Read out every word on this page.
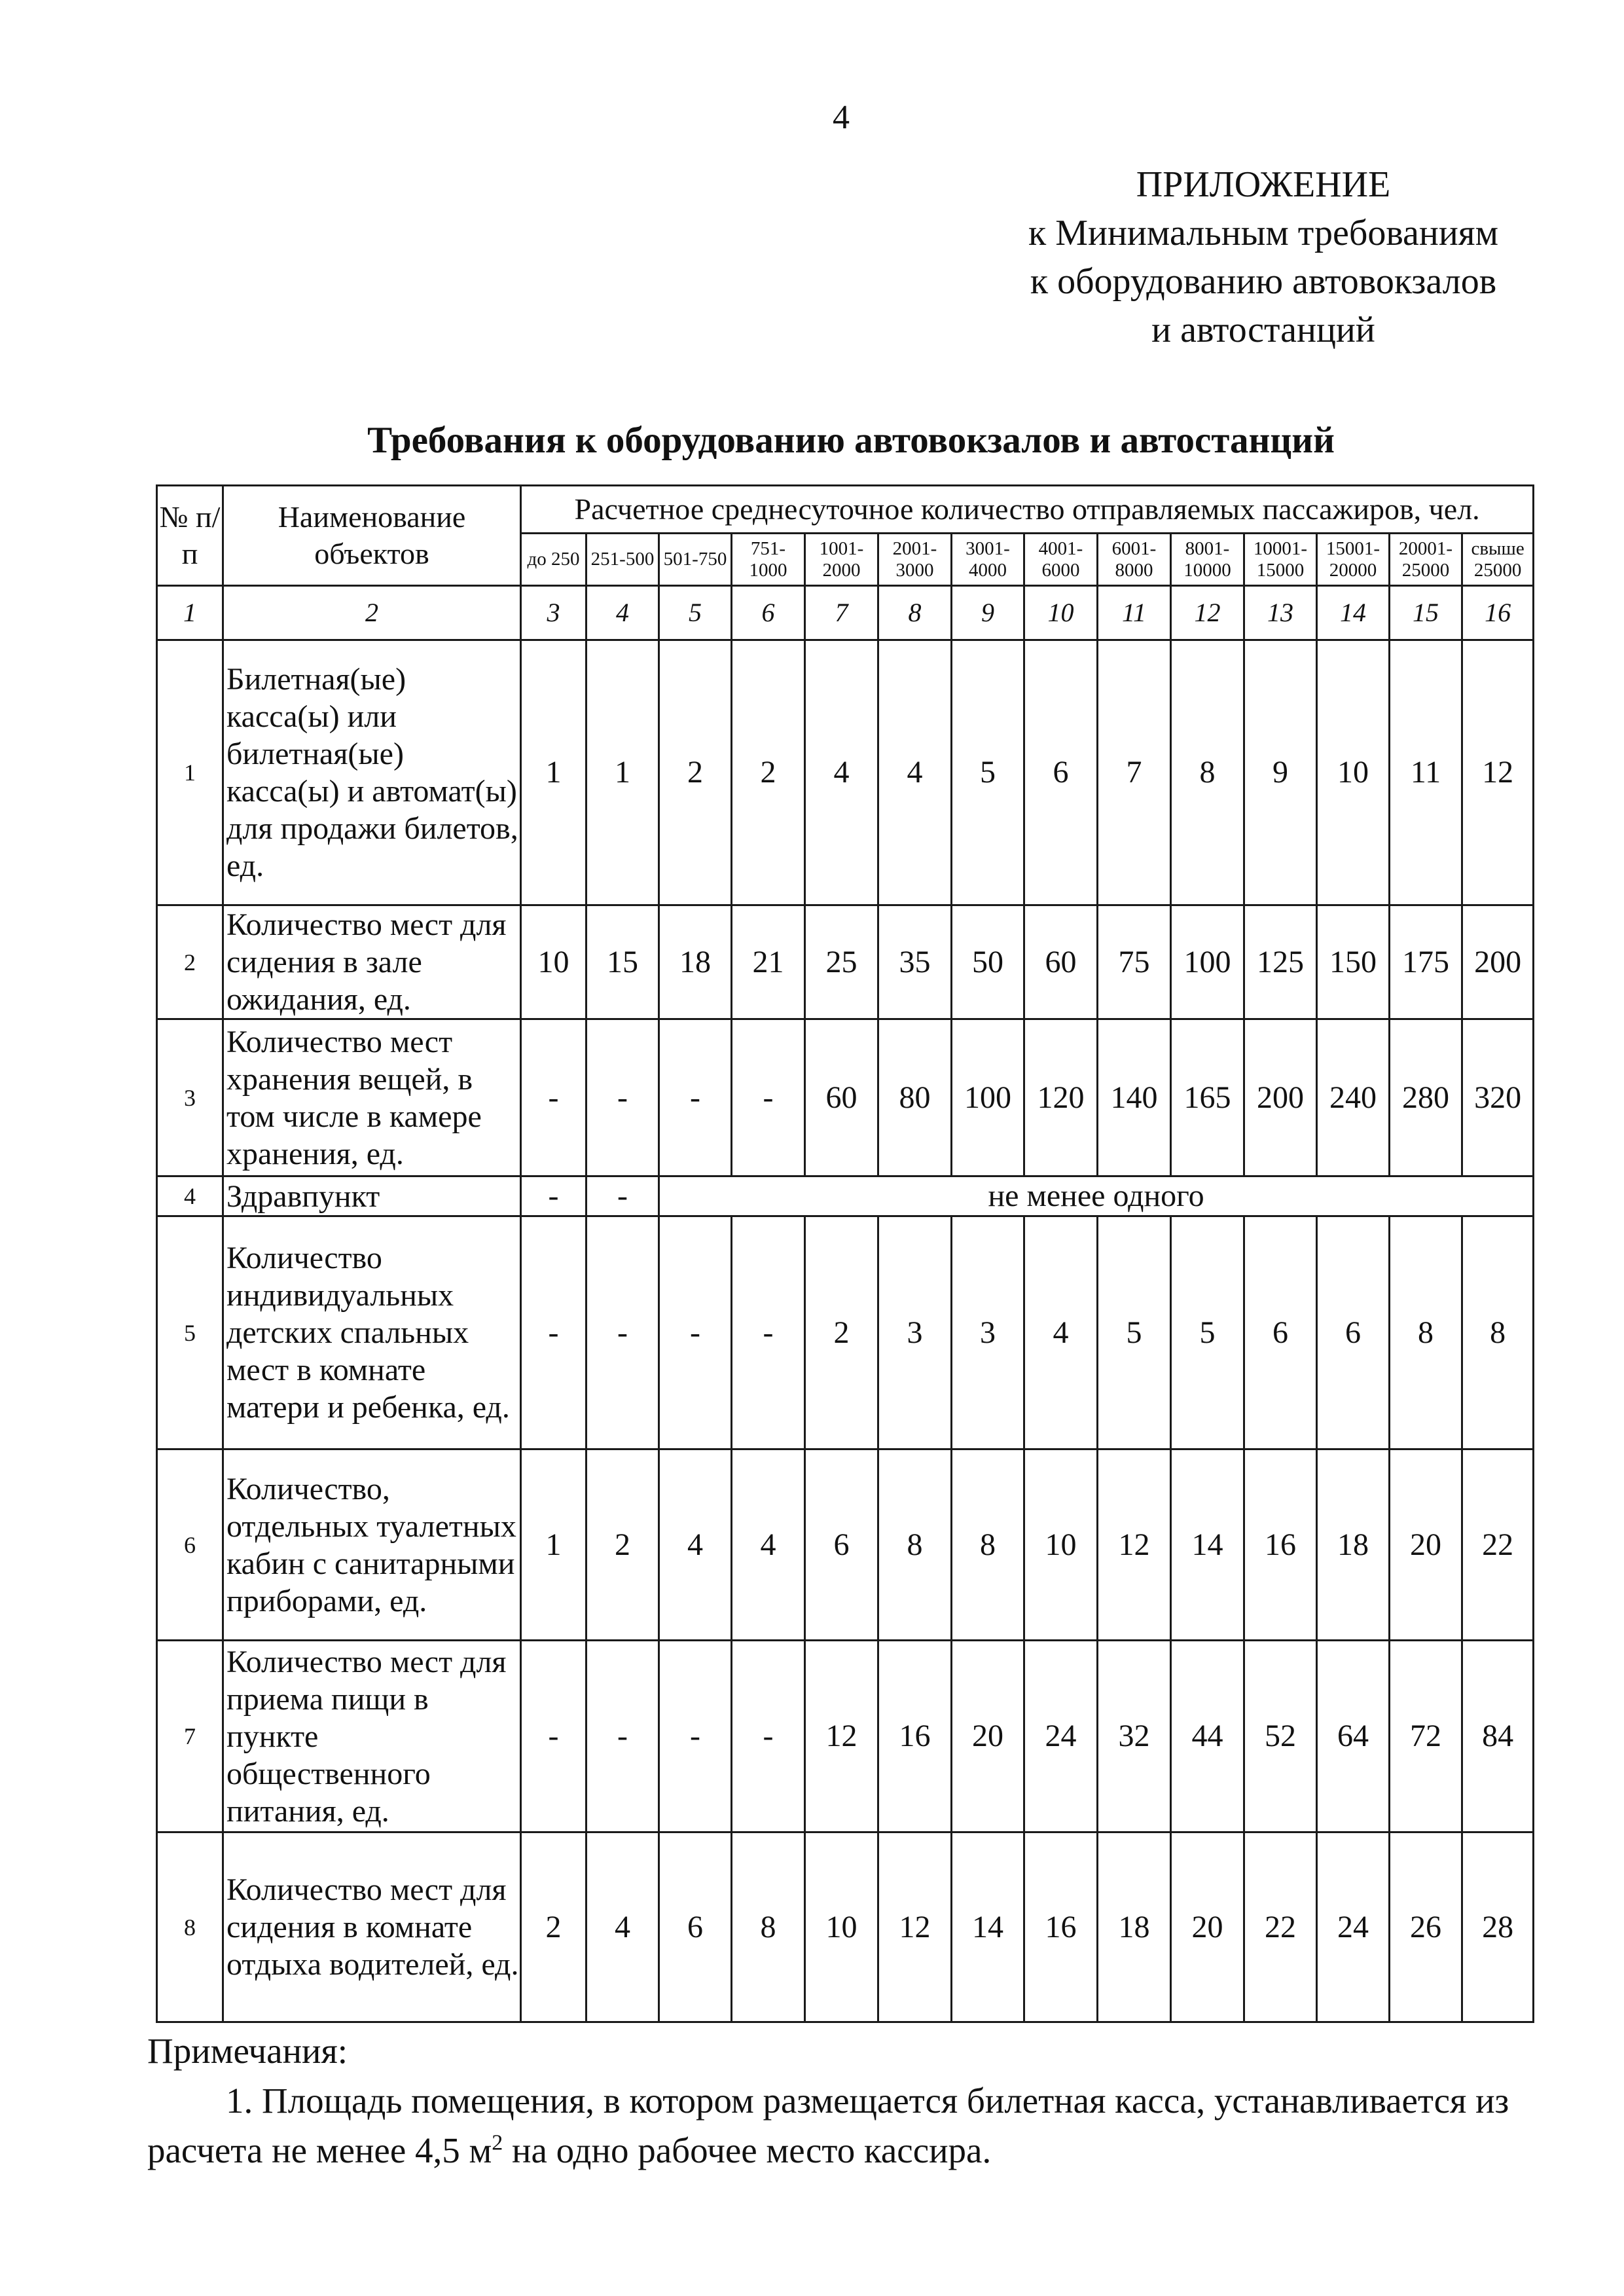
4
ПРИЛОЖЕНИЕ
к Минимальным требованиям
к оборудованию автовокзалов
и автостанций
Требования к оборудованию автовокзалов и автостанций
№ п/п	Наименование объектов	Расчетное среднесуточное количество отправляемых пассажиров, чел.													
		до 250	251-500	501-750	751-1000	1001-2000	2001-3000	3001-4000	4001-6000	6001-8000	8001-10000	10001-15000	15001-20000	20001-25000	свыше 25000
1	2	3	4	5	6	7	8	9	10	11	12	13	14	15	16
1	Билетная(ые) касса(ы) или билетная(ые) касса(ы) и автомат(ы) для продажи билетов, ед.	1	1	2	2	4	4	5	6	7	8	9	10	11	12
2	Количество мест для сидения в зале ожидания, ед.	10	15	18	21	25	35	50	60	75	100	125	150	175	200
3	Количество мест хранения вещей, в том числе в камере хранения, ед.	-	-	-	-	60	80	100	120	140	165	200	240	280	320
4	Здравпункт	-	-	не менее одного											
5	Количество индивидуальных детских спальных мест в комнате матери и ребенка, ед.	-	-	-	-	2	3	3	4	5	5	6	6	8	8
6	Количество, отдельных туалетных кабин с санитарными приборами, ед.	1	2	4	4	6	8	8	10	12	14	16	18	20	22
7	Количество мест для приема пищи в пункте общественного питания, ед.	-	-	-	-	12	16	20	24	32	44	52	64	72	84
8	Количество мест для сидения в комнате отдыха водителей, ед.	2	4	6	8	10	12	14	16	18	20	22	24	26	28

Примечания:

1. Площадь помещения, в котором размещается билетная касса, устанавливается из расчета не менее 4,5 $м^2$ на одно рабочее место кассира.
